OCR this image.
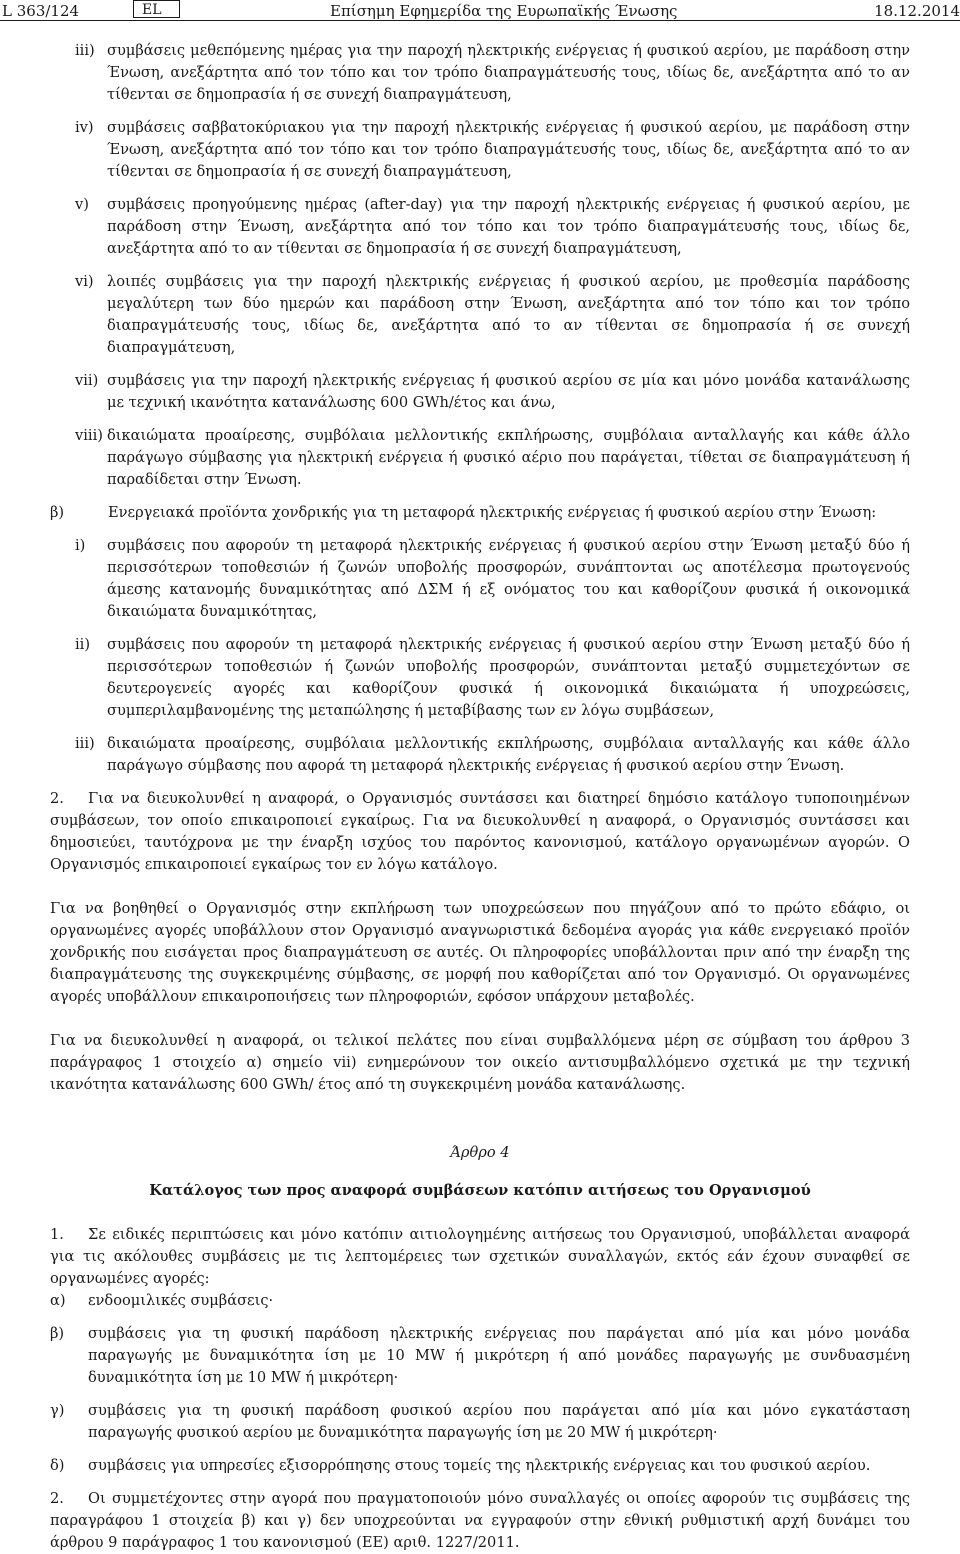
L 363/124	EL	Επίσημη Εφημερίδα της Ευρωπαϊκής Ένωσης	18.12.2014
iii) συμβάσεις μεθεπόμενης ημέρας για την παροχή ηλεκτρικής ενέργειας ή φυσικού αερίου, με παράδοση στην Ένωση, ανεξάρτητα από τον τόπο και τον τρόπο διαπραγμάτευσής τους, ιδίως δε, ανεξάρτητα από το αν τίθενται σε δημοπρασία ή σε συνεχή διαπραγμάτευση,
iv) συμβάσεις σαββατοκύριακου για την παροχή ηλεκτρικής ενέργειας ή φυσικού αερίου, με παράδοση στην Ένωση, ανεξάρτητα από τον τόπο και τον τρόπο διαπραγμάτευσής τους, ιδίως δε, ανεξάρτητα από το αν τίθενται σε δημοπρασία ή σε συνεχή διαπραγμάτευση,
v)	συμβάσεις προηγούμενης ημέρας (after-day) για την παροχή ηλεκτρικής ενέργειας ή φυσικού αερίου, με παράδοση στην Ένωση, ανεξάρτητα από τον τόπο και τον τρόπο διαπραγμάτευσής τους, ιδίως δε, ανεξάρτητα από το αν τίθενται σε δημοπρασία ή σε συνεχή διαπραγμάτευση,
vi) λοιπές συμβάσεις για την παροχή ηλεκτρικής ενέργειας ή φυσικού αερίου, με προθεσμία παράδοσης μεγαλύτερη των δύο ημερών και παράδοση στην Ένωση, ανεξάρτητα από τον τόπο και τον τρόπο διαπραγμάτευσής τους, ιδίως δε, ανεξάρτητα από το αν τίθενται σε δημοπρασία ή σε συνεχή διαπραγμάτευση,
vii) συμβάσεις για την παροχή ηλεκτρικής ενέργειας ή φυσικού αερίου σε μία και μόνο μονάδα κατανάλωσης με τεχνική ικανότητα κατανάλωσης 600 GWh/έτος και άνω,
viii) δικαιώματα προαίρεσης, συμβόλαια μελλοντικής εκπλήρωσης, συμβόλαια ανταλλαγής και κάθε άλλο παράγωγο σύμβασης για ηλεκτρική ενέργεια ή φυσικό αέριο που παράγεται, τίθεται σε διαπραγμάτευση ή παραδίδεται στην Ένωση.
β)	Ενεργειακά προϊόντα χονδρικής για τη μεταφορά ηλεκτρικής ενέργειας ή φυσικού αερίου στην Ένωση:
i)	συμβάσεις που αφορούν τη μεταφορά ηλεκτρικής ενέργειας ή φυσικού αερίου στην Ένωση μεταξύ δύο ή περισσότερων τοποθεσιών ή ζωνών υποβολής προσφορών, συνάπτονται ως αποτέλεσμα πρωτογενούς άμεσης κατανομής δυναμικότητας από ΔΣΜ ή εξ ονόματος του και καθορίζουν φυσικά ή οικονομικά δικαιώματα δυναμικότητας,
ii)	συμβάσεις που αφορούν τη μεταφορά ηλεκτρικής ενέργειας ή φυσικού αερίου στην Ένωση μεταξύ δύο ή περισσότερων τοποθεσιών ή ζωνών υποβολής προσφορών, συνάπτονται μεταξύ συμμετεχόντων σε δευτερογενείς αγορές και καθορίζουν φυσικά ή οικονομικά δικαιώματα ή υποχρεώσεις, συμπεριλαμβανομένης της μεταπώλησης ή μεταβίβασης των εν λόγω συμβάσεων,
iii) δικαιώματα προαίρεσης, συμβόλαια μελλοντικής εκπλήρωσης, συμβόλαια ανταλλαγής και κάθε άλλο παράγωγο σύμβασης που αφορά τη μεταφορά ηλεκτρικής ενέργειας ή φυσικού αερίου στην Ένωση.

2. Για να διευκολυνθεί η αναφορά, ο Οργανισμός συντάσσει και διατηρεί δημόσιο κατάλογο τυποποιημένων συμβάσεων, τον οποίο επικαιροποιεί εγκαίρως. Για να διευκολυνθεί η αναφορά, ο Οργανισμός συντάσσει και δημοσιεύει, ταυτόχρονα με την έναρξη ισχύος του παρόντος κανονισμού, κατάλογο οργανωμένων αγορών. Ο Οργανισμός επικαιροποιεί εγκαίρως τον εν λόγω κατάλογο.

Για να βοηθηθεί ο Οργανισμός στην εκπλήρωση των υποχρεώσεων που πηγάζουν από το πρώτο εδάφιο, οι οργανωμένες αγορές υποβάλλουν στον Οργανισμό αναγνωριστικά δεδομένα αγοράς για κάθε ενεργειακό προϊόν χονδρικής που εισάγεται προς διαπραγμάτευση σε αυτές. Οι πληροφορίες υποβάλλονται πριν από την έναρξη της διαπραγμάτευσης της συγκεκριμένης σύμβασης, σε μορφή που καθορίζεται από τον Οργανισμό. Οι οργανωμένες αγορές υποβάλλουν επικαιροποιήσεις των πληροφοριών, εφόσον υπάρχουν μεταβολές.

Για να διευκολυνθεί η αναφορά, οι τελικοί πελάτες που είναι συμβαλλόμενα μέρη σε σύμβαση του άρθρου 3 παράγραφος 1 στοιχείο α) σημείο vii) ενημερώνουν τον οικείο αντισυμβαλλόμενο σχετικά με την τεχνική ικανότητα κατανάλωσης 600 GWh/ έτος από τη συγκεκριμένη μονάδα κατανάλωσης.

Άρθρο 4
Κατάλογος των προς αναφορά συμβάσεων κατόπιν αιτήσεως του Οργανισμού

1. Σε ειδικές περιπτώσεις και μόνο κατόπιν αιτιολογημένης αιτήσεως του Οργανισμού, υποβάλλεται αναφορά για τις ακόλουθες συμβάσεις με τις λεπτομέρειες των σχετικών συναλλαγών, εκτός εάν έχουν συναφθεί σε οργανωμένες αγορές:

α)	ενδοομιλικές συμβάσεις·
β)	συμβάσεις για τη φυσική παράδοση ηλεκτρικής ενέργειας που παράγεται από μία και μόνο μονάδα παραγωγής με δυναμικότητα ίση με 10 MW ή μικρότερη ή από μονάδες παραγωγής με συνδυασμένη δυναμικότητα ίση με 10 MW ή μικρότερη·
γ)	συμβάσεις για τη φυσική παράδοση φυσικού αερίου που παράγεται από μία και μόνο εγκατάσταση παραγωγής φυσικού αερίου με δυναμικότητα παραγωγής ίση με 20 MW ή μικρότερη·
δ)	συμβάσεις για υπηρεσίες εξισορρόπησης στους τομείς της ηλεκτρικής ενέργειας και του φυσικού αερίου.

2. Οι συμμετέχοντες στην αγορά που πραγματοποιούν μόνο συναλλαγές οι οποίες αφορούν τις συμβάσεις της παραγράφου 1 στοιχεία β) και γ) δεν υποχρεούνται να εγγραφούν στην εθνική ρυθμιστική αρχή δυνάμει του άρθρου 9 παράγραφος 1 του κανονισμού (ΕΕ) αριθ. 1227/2011.
